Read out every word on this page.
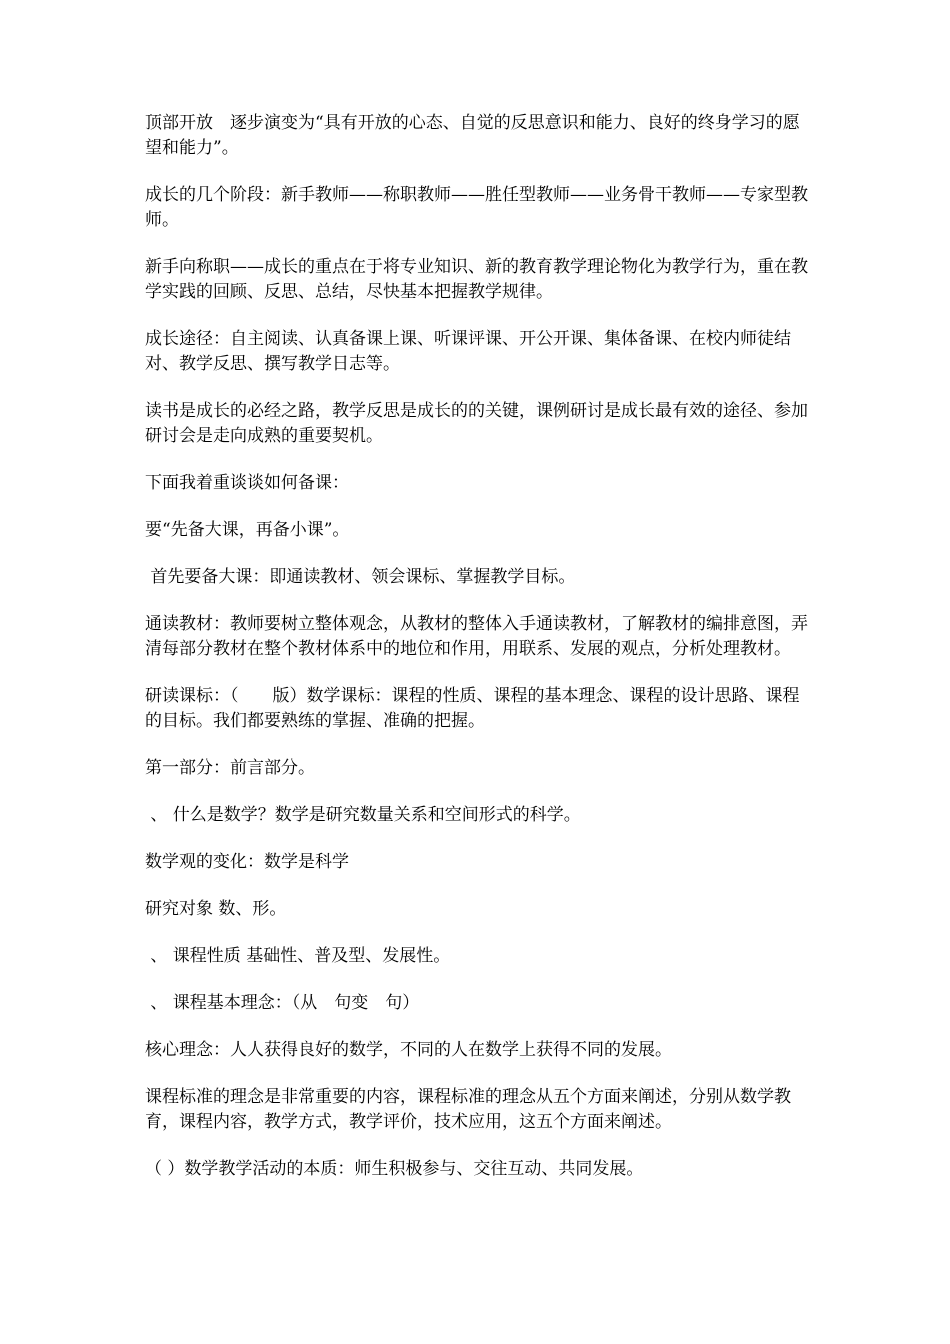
顶部开放　逐步演变为“具有开放的心态、自觉的反思意识和能力、良好的终身学习的愿望和能力”。

成长的几个阶段：新手教师——称职教师——胜任型教师——业务骨干教师——专家型教师。

新手向称职——成长的重点在于将专业知识、新的教育教学理论物化为教学行为，重在教学实践的回顾、反思、总结，尽快基本把握教学规律。

成长途径：自主阅读、认真备课上课、听课评课、开公开课、集体备课、在校内师徒结对、教学反思、撰写教学日志等。

读书是成长的必经之路，教学反思是成长的的关键，课例研讨是成长最有效的途径、参加研讨会是走向成熟的重要契机。

下面我着重谈谈如何备课：

要“先备大课，再备小课”。

首先要备大课：即通读教材、领会课标、掌握教学目标。

通读教材：教师要树立整体观念，从教材的整体入手通读教材，了解教材的编排意图，弄清每部分教材在整个教材体系中的地位和作用，用联系、发展的观点，分析处理教材。

研读课标：（　　版）数学课标：课程的性质、课程的基本理念、课程的设计思路、课程的目标。我们都要熟练的掌握、准确的把握。

第一部分：前言部分。

、 什么是数学？数学是研究数量关系和空间形式的科学。

数学观的变化：数学是科学

研究对象 数、形。

、 课程性质 基础性、普及型、发展性。

、 课程基本理念：（从　句变　句）

核心理念：人人获得良好的数学，不同的人在数学上获得不同的发展。

课程标准的理念是非常重要的内容，课程标准的理念从五个方面来阐述，分别从数学教育，课程内容，教学方式，教学评价，技术应用，这五个方面来阐述。

（ ）数学教学活动的本质：师生积极参与、交往互动、共同发展。
